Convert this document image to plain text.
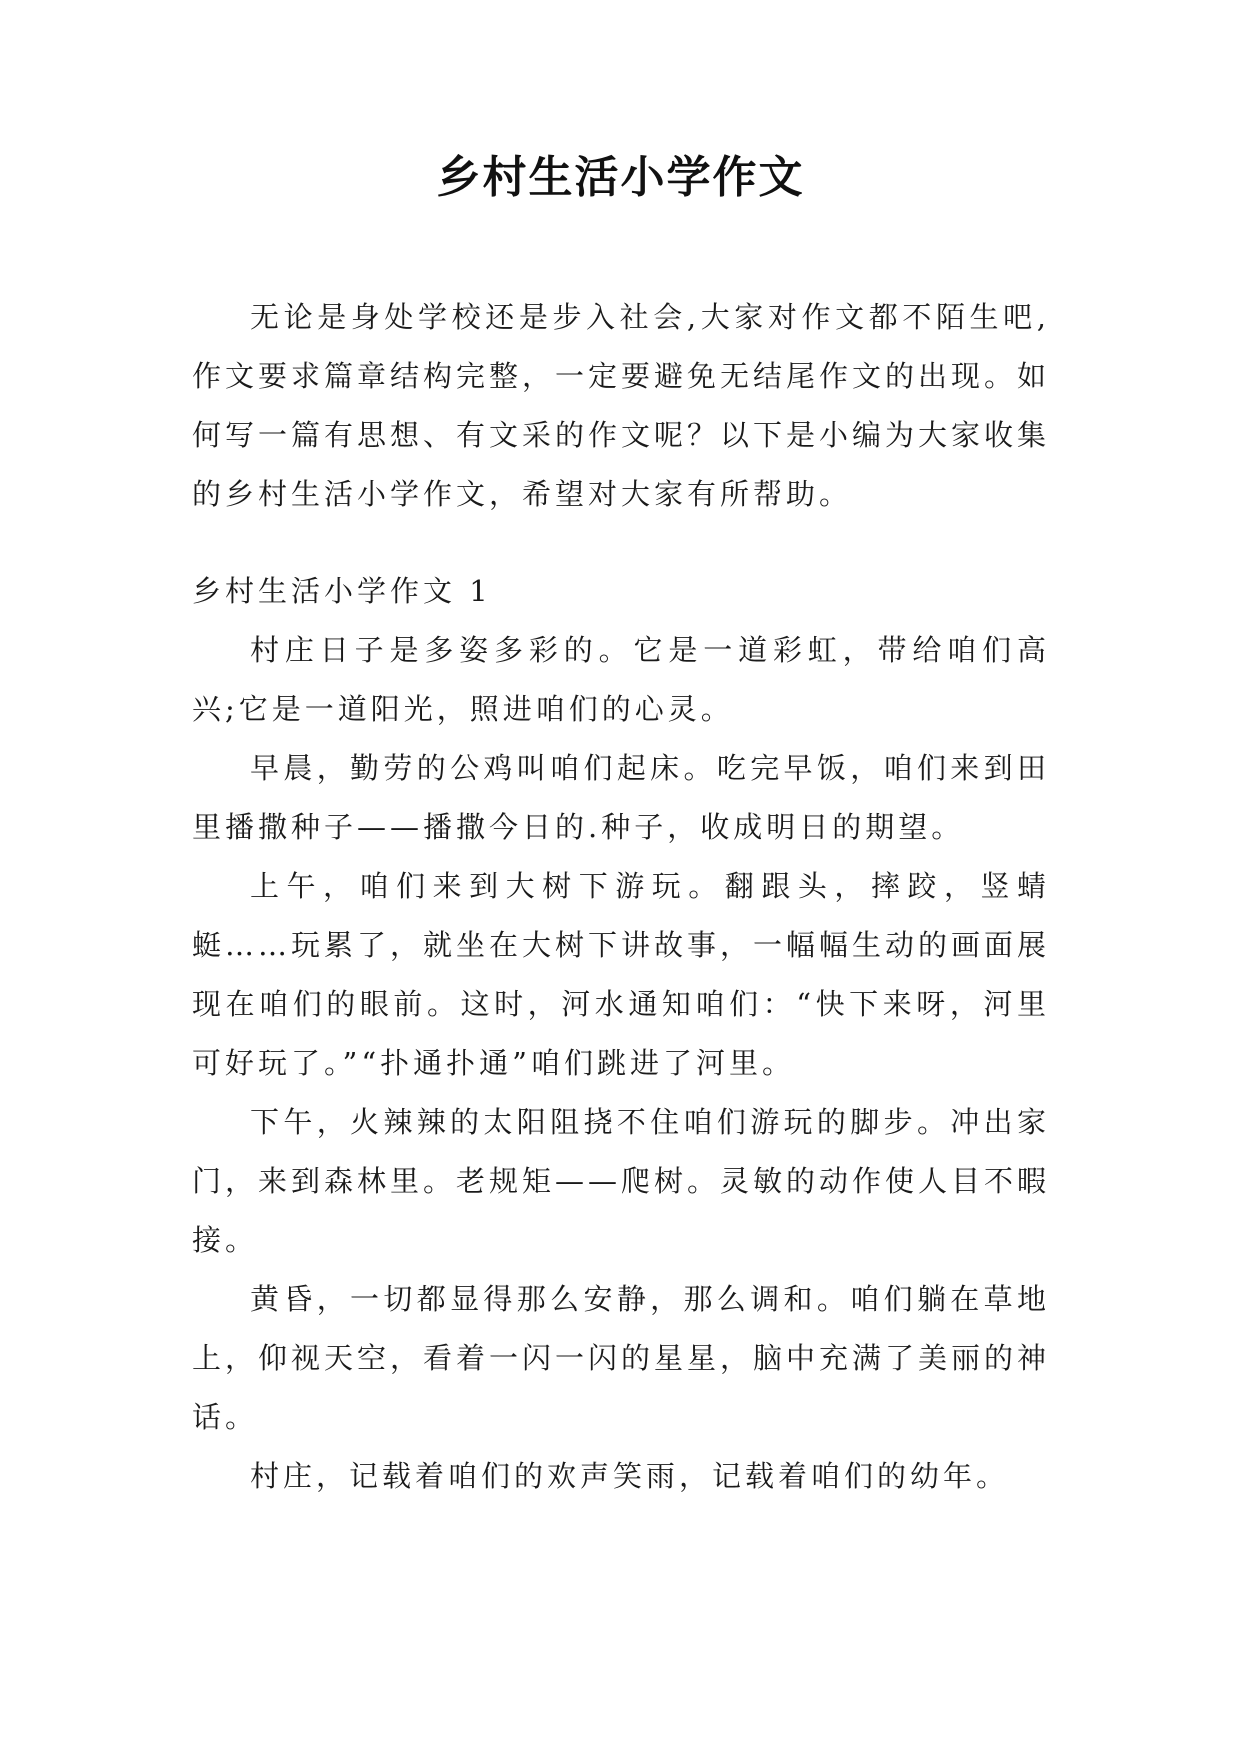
乡村生活小学作文

无论是身处学校还是步入社会,大家对作文都不陌生吧,作文要求篇章结构完整，一定要避免无结尾作文的出现。如何写一篇有思想、有文采的作文呢？以下是小编为大家收集的乡村生活小学作文，希望对大家有所帮助。

乡村生活小学作文 1

村庄日子是多姿多彩的。它是一道彩虹，带给咱们高兴;它是一道阳光，照进咱们的心灵。

早晨，勤劳的公鸡叫咱们起床。吃完早饭，咱们来到田里播撒种子——播撒今日的.种子，收成明日的期望。

上午，咱们来到大树下游玩。翻跟头，摔跤，竖蜻蜓……玩累了，就坐在大树下讲故事，一幅幅生动的画面展现在咱们的眼前。这时，河水通知咱们：“快下来呀，河里可好玩了。”“扑通扑通”咱们跳进了河里。

下午，火辣辣的太阳阻挠不住咱们游玩的脚步。冲出家门，来到森林里。老规矩——爬树。灵敏的动作使人目不暇接。

黄昏，一切都显得那么安静，那么调和。咱们躺在草地上，仰视天空，看着一闪一闪的星星，脑中充满了美丽的神话。

村庄，记载着咱们的欢声笑雨，记载着咱们的幼年。
